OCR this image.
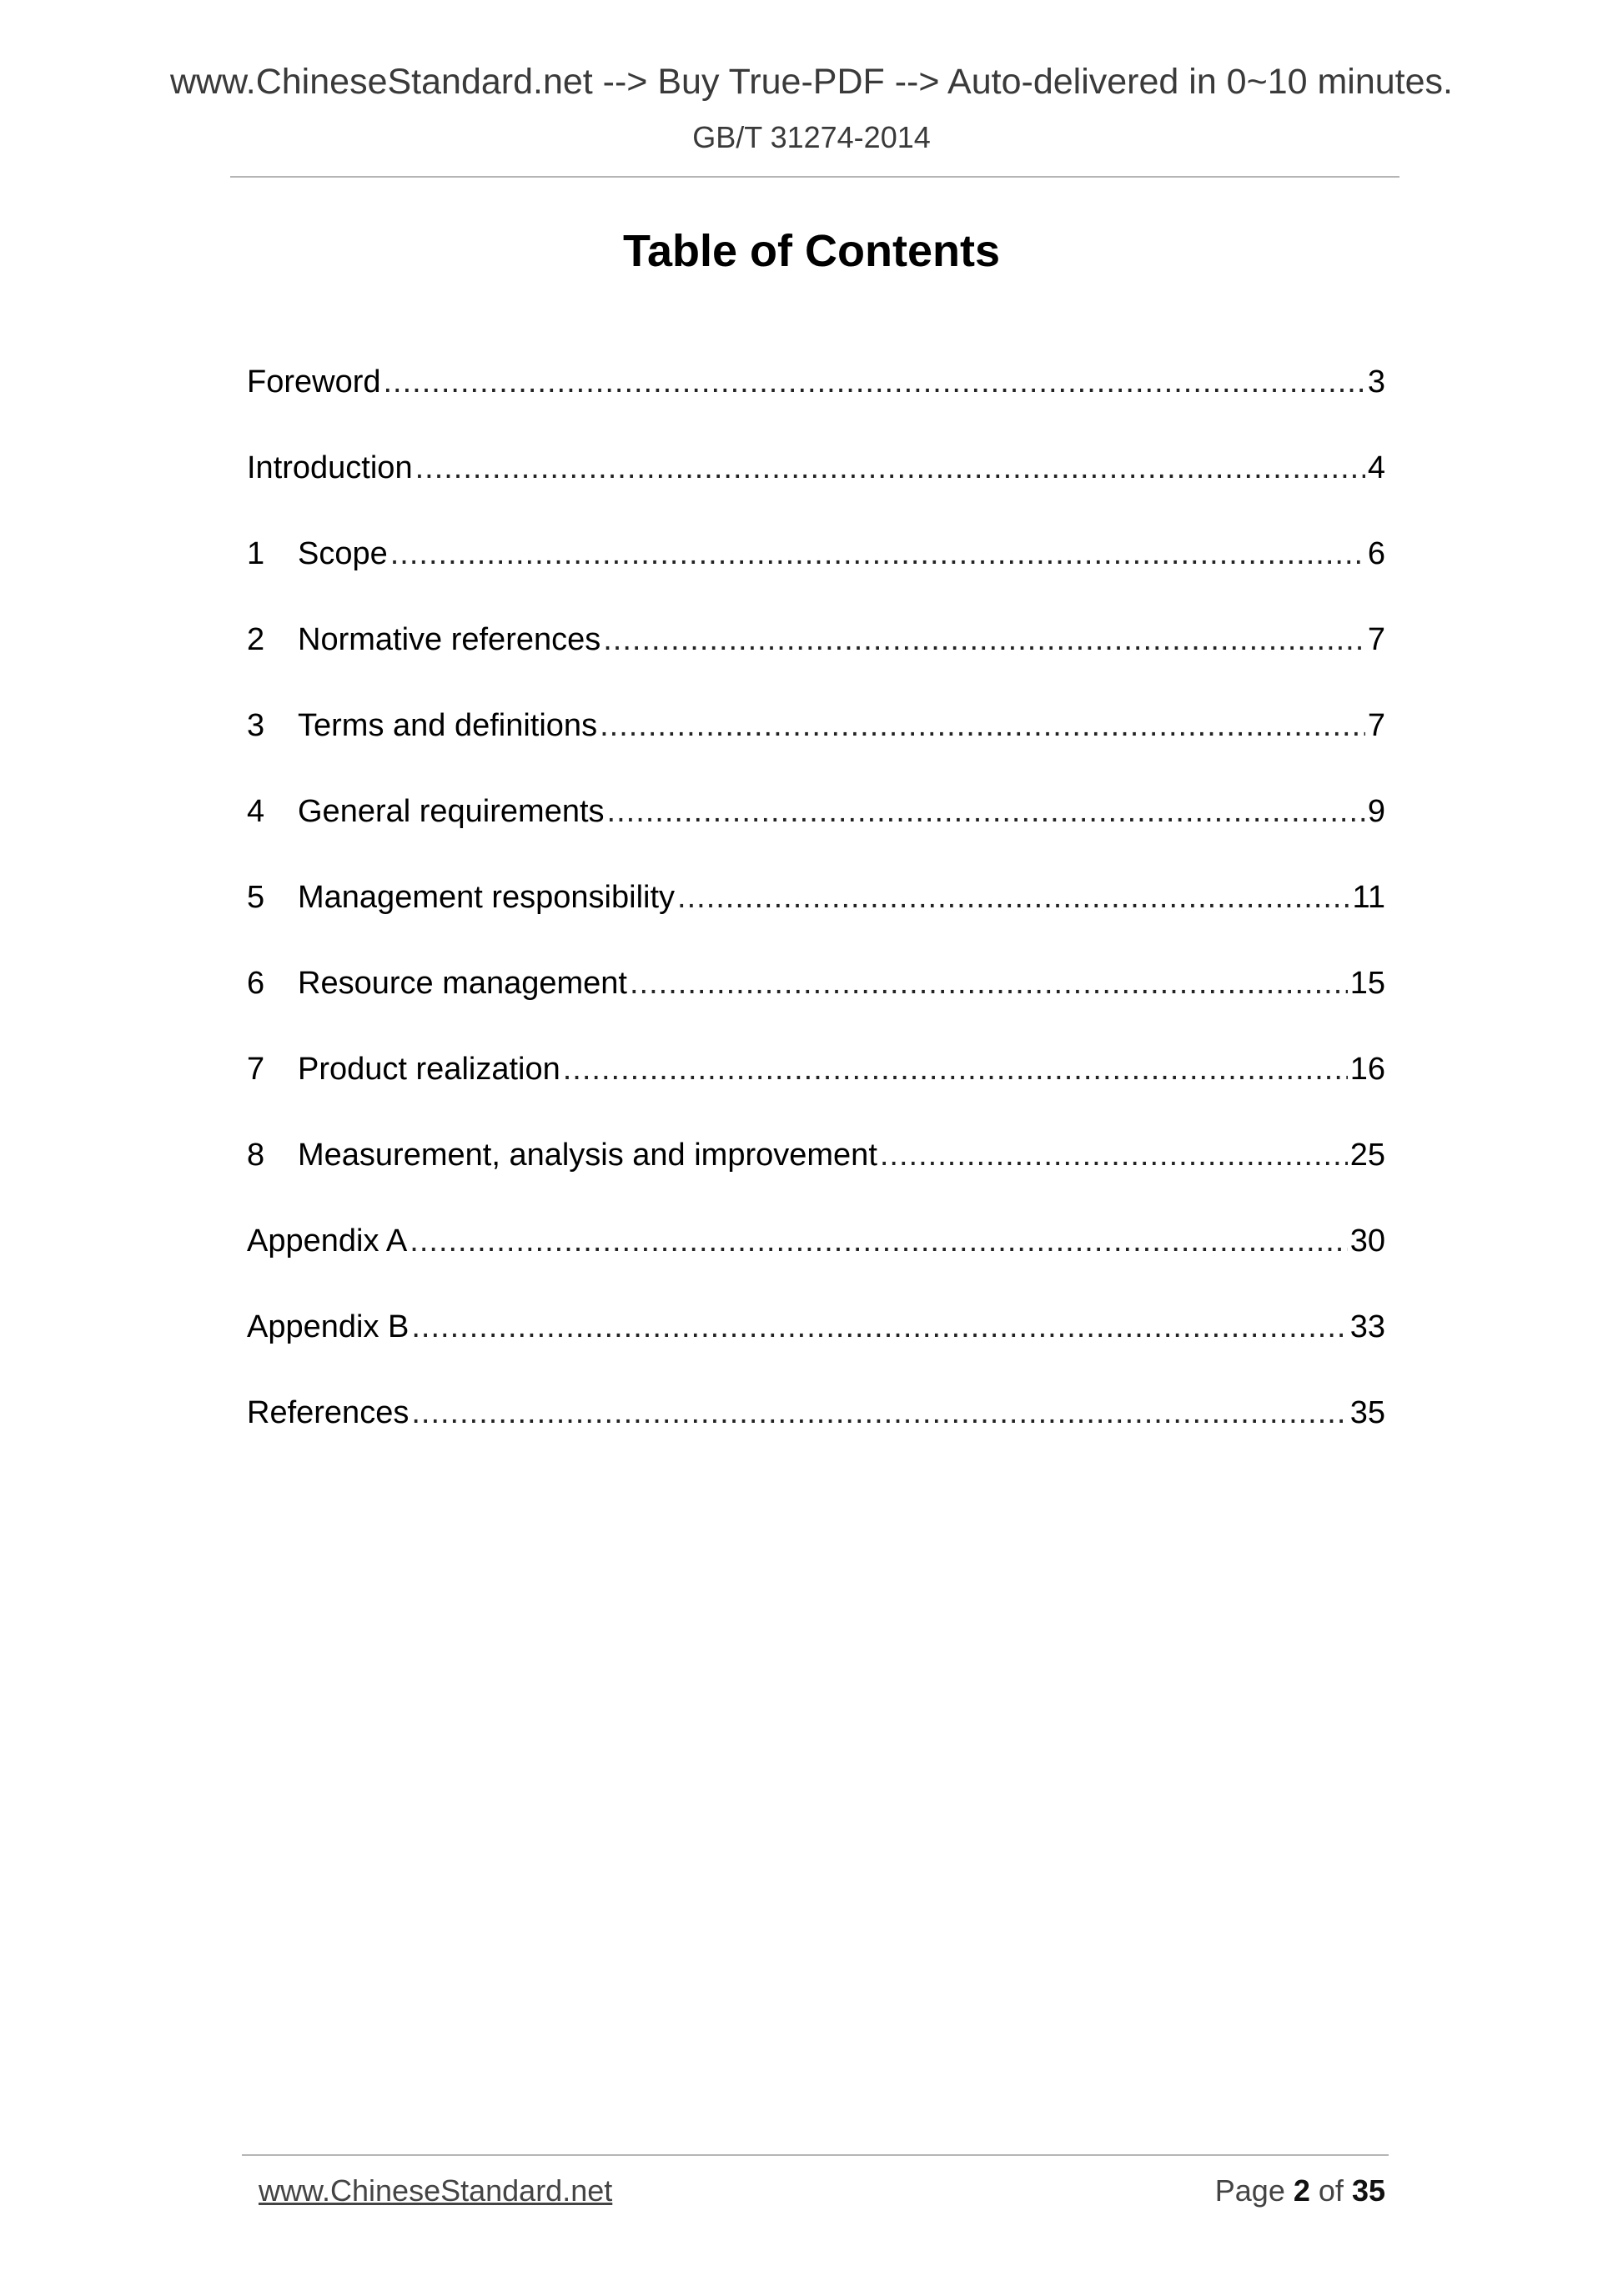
www.ChineseStandard.net --> Buy True-PDF --> Auto-delivered in 0~10 minutes.
GB/T 31274-2014
Table of Contents
Foreword .....	3
Introduction .....	4
1	Scope .....	6
2	Normative references .....	7
3	Terms and definitions .....	7
4	General requirements .....	9
5	Management responsibility .....	11
6	Resource management .....	15
7	Product realization .....	16
8	Measurement, analysis and improvement .....	25
Appendix A .....	30
Appendix B .....	33
References .....	35
www.ChineseStandard.net	Page 2 of 35
